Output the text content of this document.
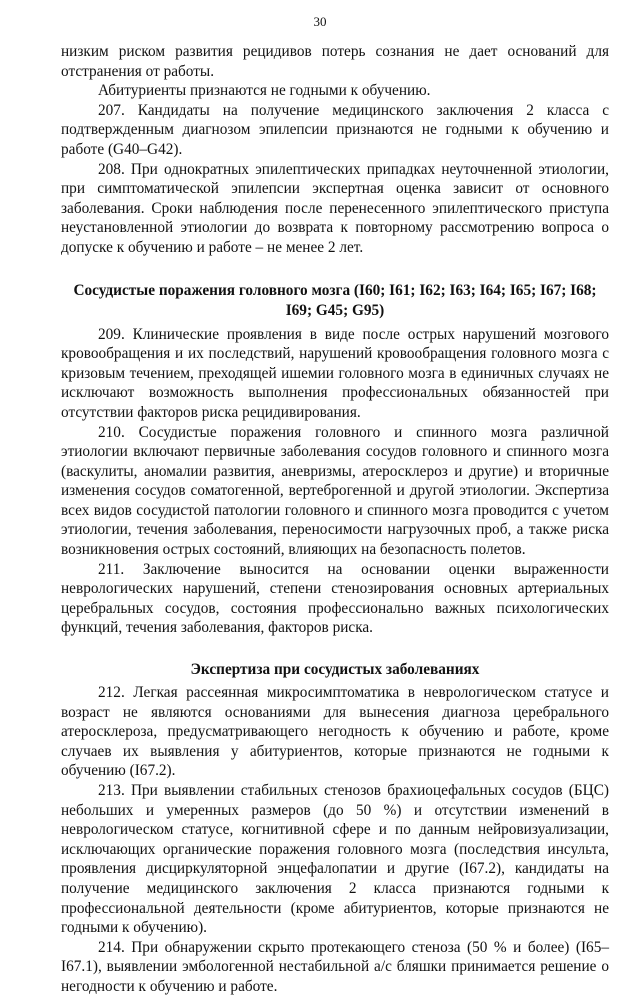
30

низким риском развития рецидивов потерь сознания не дает оснований для отстранения от работы.

Абитуриенты признаются не годными к обучению.

207. Кандидаты на получение медицинского заключения 2 класса с подтвержденным диагнозом эпилепсии признаются не годными к обучению и работе (G40–G42).

208. При однократных эпилептических припадках неуточненной этиологии, при симптоматической эпилепсии экспертная оценка зависит от основного заболевания. Сроки наблюдения после перенесенного эпилептического приступа неустановленной этиологии до возврата к повторному рассмотрению вопроса о допуске к обучению и работе – не менее 2 лет.

Сосудистые поражения головного мозга (I60; I61; I62; I63; I64; I65; I67; I68; I69; G45; G95)

209. Клинические проявления в виде после острых нарушений мозгового кровообращения и их последствий, нарушений кровообращения головного мозга с кризовым течением, преходящей ишемии головного мозга в единичных случаях не исключают возможность выполнения профессиональных обязанностей при отсутствии факторов риска рецидивирования.

210. Сосудистые поражения головного и спинного мозга различной этиологии включают первичные заболевания сосудов головного и спинного мозга (васкулиты, аномалии развития, аневризмы, атеросклероз и другие) и вторичные изменения сосудов соматогенной, вертеброгенной и другой этиологии. Экспертиза всех видов сосудистой патологии головного и спинного мозга проводится с учетом этиологии, течения заболевания, переносимости нагрузочных проб, а также риска возникновения острых состояний, влияющих на безопасность полетов.

211. Заключение выносится на основании оценки выраженности неврологических нарушений, степени стенозирования основных артериальных церебральных сосудов, состояния профессионально важных психологических функций, течения заболевания, факторов риска.

Экспертиза при сосудистых заболеваниях

212. Легкая рассеянная микросимптоматика в неврологическом статусе и возраст не являются основаниями для вынесения диагноза церебрального атеросклероза, предусматривающего негодность к обучению и работе, кроме случаев их выявления у абитуриентов, которые признаются не годными к обучению (I67.2).

213. При выявлении стабильных стенозов брахиоцефальных сосудов (БЦС) небольших и умеренных размеров (до 50 %) и отсутствии изменений в неврологическом статусе, когнитивной сфере и по данным нейровизуализации, исключающих органические поражения головного мозга (последствия инсульта, проявления дисциркуляторной энцефалопатии и другие (I67.2), кандидаты на получение медицинского заключения 2 класса признаются годными к профессиональной деятельности (кроме абитуриентов, которые признаются не годными к обучению).

214. При обнаружении скрыто протекающего стеноза (50 % и более) (I65–I67.1), выявлении эмбологенной нестабильной а/с бляшки принимается решение о негодности к обучению и работе.
